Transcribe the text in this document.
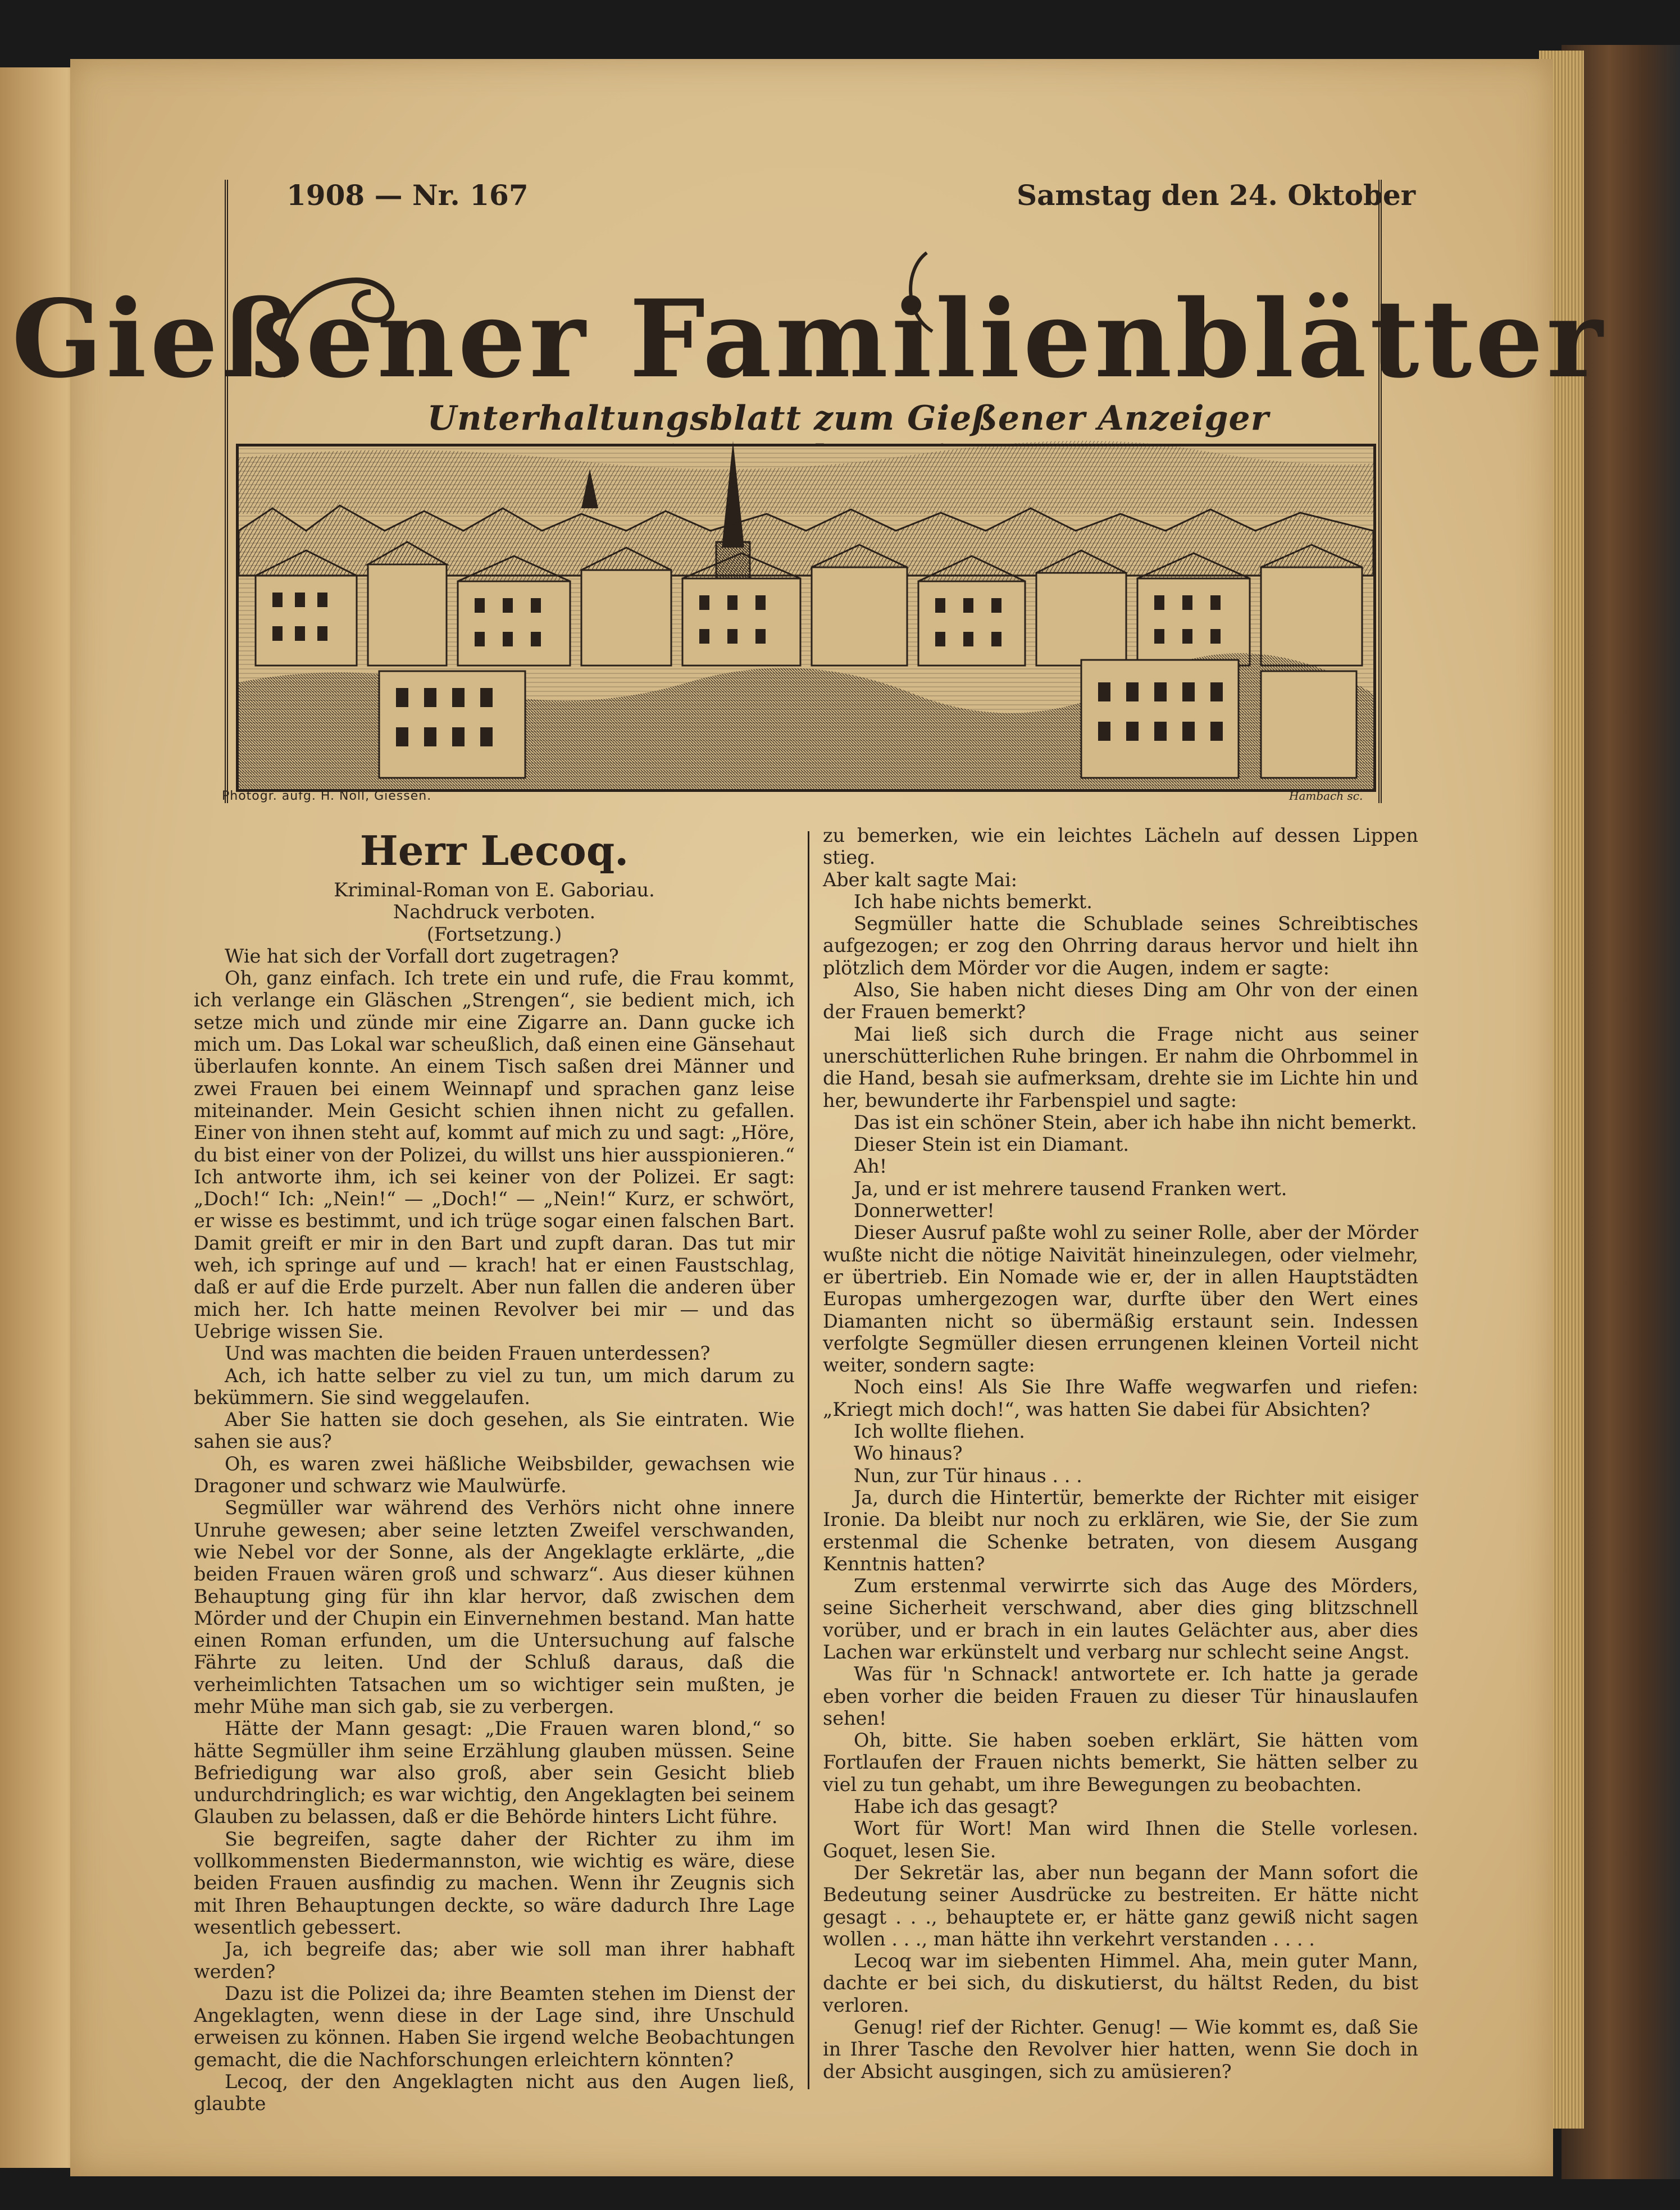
1908 — Nr. 167	Samstag den 24. Oktober
Gießener Familienblätter
Unterhaltungsblatt zum Gießener Anzeiger
Photogr. aufg. H. Noll, Giessen.	Hambach sc.
Herr Lecoq.

Kriminal-Roman von E. Gaboriau.

Nachdruck verboten.

(Fortsetzung.)

Wie hat sich der Vorfall dort zugetragen?

Oh, ganz einfach. Ich trete ein und rufe, die Frau kommt, ich verlange ein Gläschen „Strengen“, sie bedient mich, ich setze mich und zünde mir eine Zigarre an. Dann gucke ich mich um. Das Lokal war scheußlich, daß einen eine Gänsehaut überlaufen konnte. An einem Tisch saßen drei Männer und zwei Frauen bei einem Weinnapf und sprachen ganz leise miteinander. Mein Gesicht schien ihnen nicht zu gefallen. Einer von ihnen steht auf, kommt auf mich zu und sagt: „Höre, du bist einer von der Polizei, du willst uns hier ausspionieren.“ Ich antworte ihm, ich sei keiner von der Polizei. Er sagt: „Doch!“ Ich: „Nein!“ — „Doch!“ — „Nein!“ Kurz, er schwört, er wisse es bestimmt, und ich trüge sogar einen falschen Bart. Damit greift er mir in den Bart und zupft daran. Das tut mir weh, ich springe auf und — krach! hat er einen Faustschlag, daß er auf die Erde purzelt. Aber nun fallen die anderen über mich her. Ich hatte meinen Revolver bei mir — und das Uebrige wissen Sie.

Und was machten die beiden Frauen unterdessen?

Ach, ich hatte selber zu viel zu tun, um mich darum zu bekümmern. Sie sind weggelaufen.

Aber Sie hatten sie doch gesehen, als Sie eintraten. Wie sahen sie aus?

Oh, es waren zwei häßliche Weibsbilder, gewachsen wie Dragoner und schwarz wie Maulwürfe.

Segmüller war während des Verhörs nicht ohne innere Unruhe gewesen; aber seine letzten Zweifel verschwanden, wie Nebel vor der Sonne, als der Angeklagte erklärte, „die beiden Frauen wären groß und schwarz“. Aus dieser kühnen Behauptung ging für ihn klar hervor, daß zwischen dem Mörder und der Chupin ein Einvernehmen bestand. Man hatte einen Roman erfunden, um die Untersuchung auf falsche Fährte zu leiten. Und der Schluß daraus, daß die verheimlichten Tatsachen um so wichtiger sein mußten, je mehr Mühe man sich gab, sie zu verbergen.

Hätte der Mann gesagt: „Die Frauen waren blond,“ so hätte Segmüller ihm seine Erzählung glauben müssen. Seine Befriedigung war also groß, aber sein Gesicht blieb undurchdringlich; es war wichtig, den Angeklagten bei seinem Glauben zu belassen, daß er die Behörde hinters Licht führe.

Sie begreifen, sagte daher der Richter zu ihm im vollkommensten Biedermannston, wie wichtig es wäre, diese beiden Frauen ausfindig zu machen. Wenn ihr Zeugnis sich mit Ihren Behauptungen deckte, so wäre dadurch Ihre Lage wesentlich gebessert.

Ja, ich begreife das; aber wie soll man ihrer habhaft werden?

Dazu ist die Polizei da; ihre Beamten stehen im Dienst der Angeklagten, wenn diese in der Lage sind, ihre Unschuld erweisen zu können. Haben Sie irgend welche Beobachtungen gemacht, die die Nachforschungen erleichtern könnten?

Lecoq, der den Angeklagten nicht aus den Augen ließ, glaubte

zu bemerken, wie ein leichtes Lächeln auf dessen Lippen stieg.

Aber kalt sagte Mai:

Ich habe nichts bemerkt.

Segmüller hatte die Schublade seines Schreibtisches aufgezogen; er zog den Ohrring daraus hervor und hielt ihn plötzlich dem Mörder vor die Augen, indem er sagte:

Also, Sie haben nicht dieses Ding am Ohr von der einen der Frauen bemerkt?

Mai ließ sich durch die Frage nicht aus seiner unerschütterlichen Ruhe bringen. Er nahm die Ohrbommel in die Hand, besah sie aufmerksam, drehte sie im Lichte hin und her, bewunderte ihr Farbenspiel und sagte:

Das ist ein schöner Stein, aber ich habe ihn nicht bemerkt.

Dieser Stein ist ein Diamant.

Ah!

Ja, und er ist mehrere tausend Franken wert.

Donnerwetter!

Dieser Ausruf paßte wohl zu seiner Rolle, aber der Mörder wußte nicht die nötige Naivität hineinzulegen, oder vielmehr, er übertrieb. Ein Nomade wie er, der in allen Hauptstädten Europas umhergezogen war, durfte über den Wert eines Diamanten nicht so übermäßig erstaunt sein. Indessen verfolgte Segmüller diesen errungenen kleinen Vorteil nicht weiter, sondern sagte:

Noch eins! Als Sie Ihre Waffe wegwarfen und riefen: „Kriegt mich doch!“, was hatten Sie dabei für Absichten?

Ich wollte fliehen.

Wo hinaus?

Nun, zur Tür hinaus . . .

Ja, durch die Hintertür, bemerkte der Richter mit eisiger Ironie. Da bleibt nur noch zu erklären, wie Sie, der Sie zum erstenmal die Schenke betraten, von diesem Ausgang Kenntnis hatten?

Zum erstenmal verwirrte sich das Auge des Mörders, seine Sicherheit verschwand, aber dies ging blitzschnell vorüber, und er brach in ein lautes Gelächter aus, aber dies Lachen war erkünstelt und verbarg nur schlecht seine Angst.

Was für 'n Schnack! antwortete er. Ich hatte ja gerade eben vorher die beiden Frauen zu dieser Tür hinauslaufen sehen!

Oh, bitte. Sie haben soeben erklärt, Sie hätten vom Fortlaufen der Frauen nichts bemerkt, Sie hätten selber zu viel zu tun gehabt, um ihre Bewegungen zu beobachten.

Habe ich das gesagt?

Wort für Wort! Man wird Ihnen die Stelle vorlesen. Goquet, lesen Sie.

Der Sekretär las, aber nun begann der Mann sofort die Bedeutung seiner Ausdrücke zu bestreiten. Er hätte nicht gesagt . . ., behauptete er, er hätte ganz gewiß nicht sagen wollen . . ., man hätte ihn verkehrt verstanden . . . .

Lecoq war im siebenten Himmel. Aha, mein guter Mann, dachte er bei sich, du diskutierst, du hältst Reden, du bist verloren.

Genug! rief der Richter. Genug! — Wie kommt es, daß Sie in Ihrer Tasche den Revolver hier hatten, wenn Sie doch in der Absicht ausgingen, sich zu amüsieren?
